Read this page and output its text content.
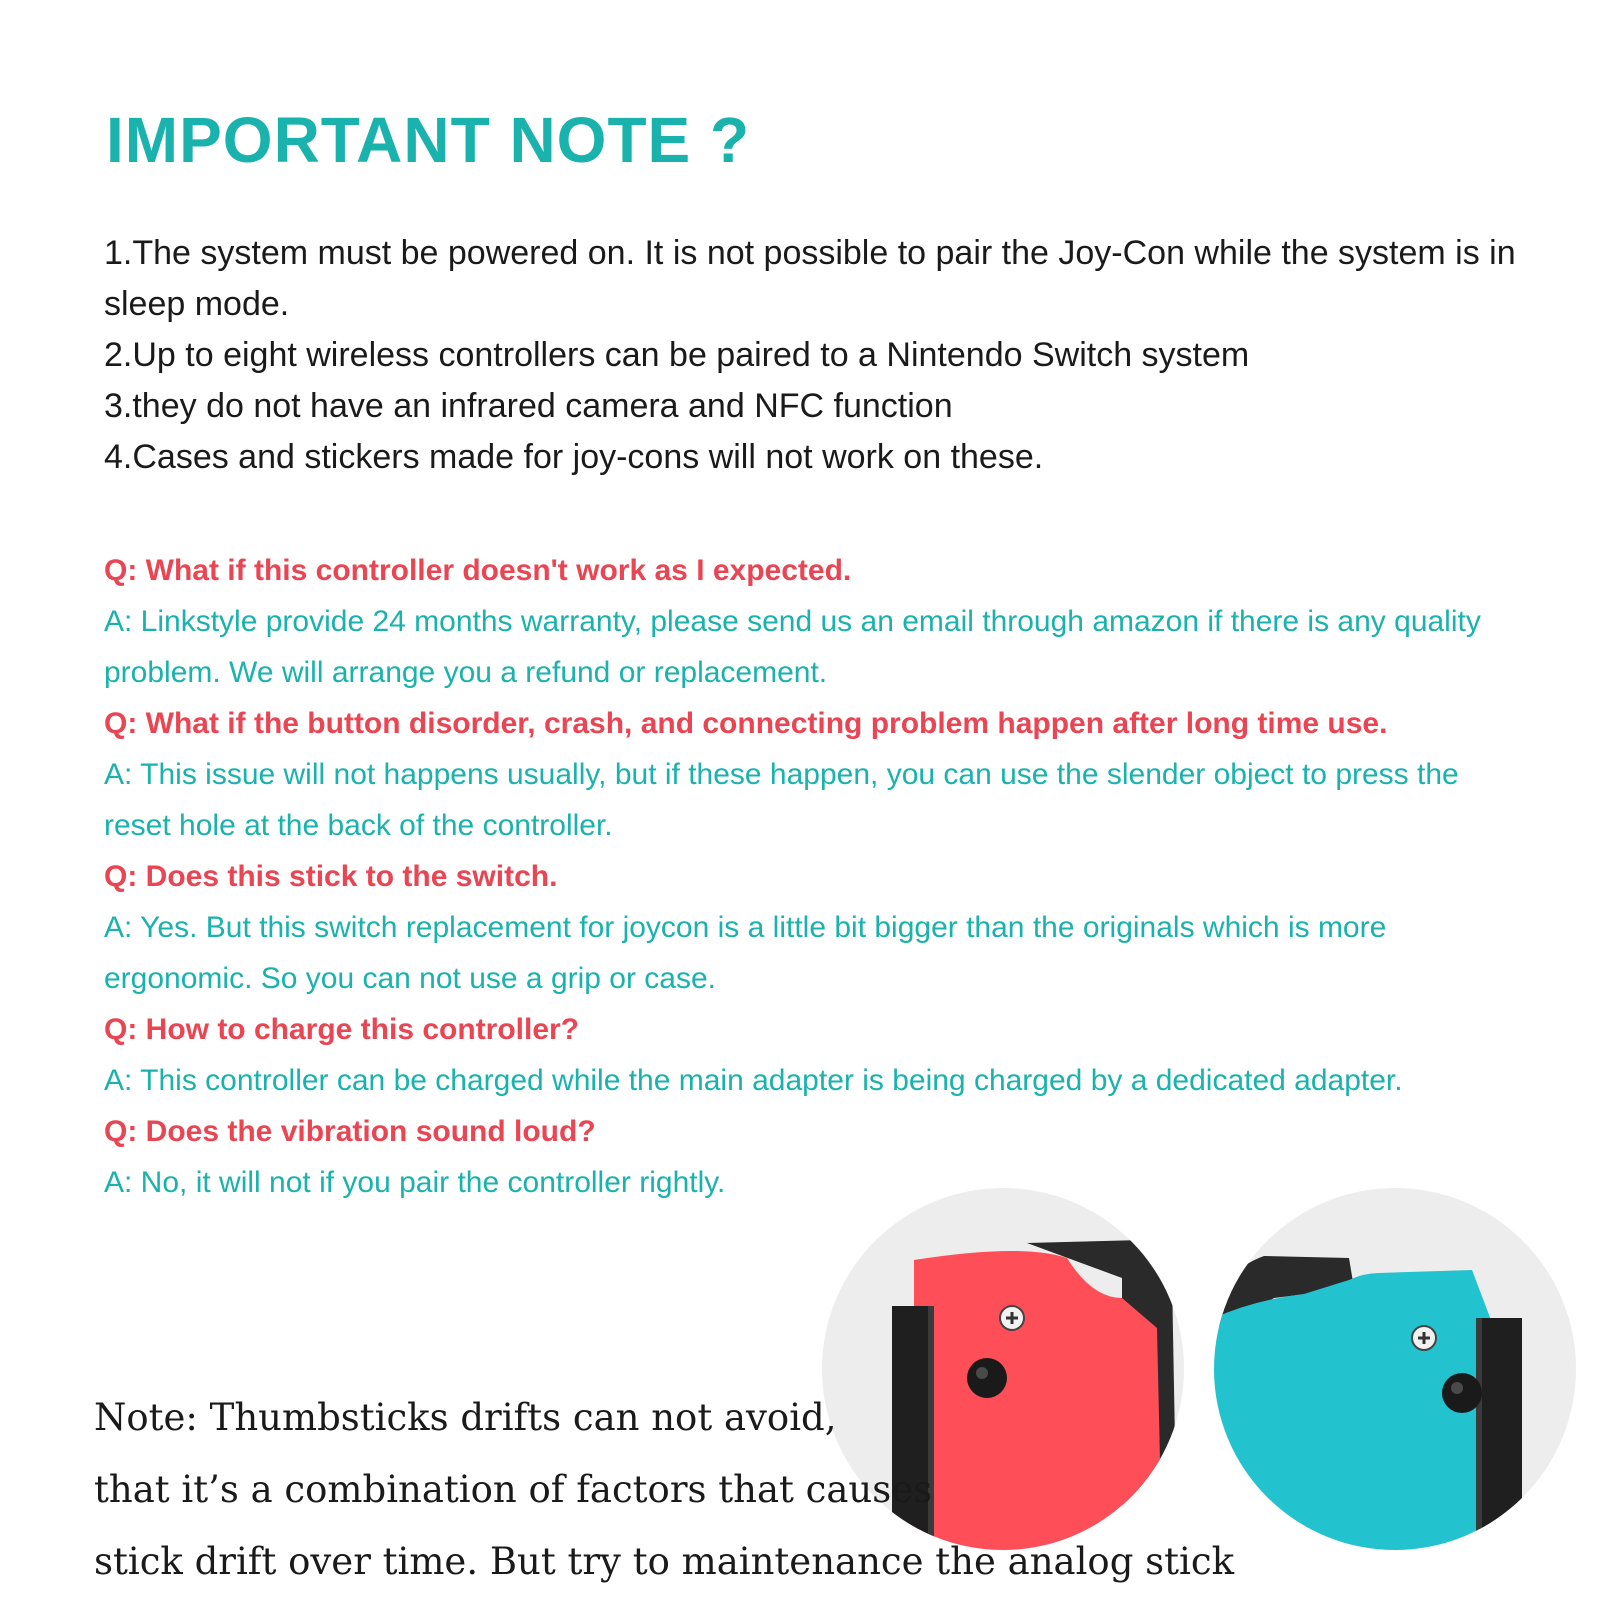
IMPORTANT NOTE ?
1.The system must be powered on. It is not possible to pair the Joy-Con while the system is in sleep mode.
2.Up to eight wireless controllers can be paired to a Nintendo Switch system
3.they do not have an infrared camera and NFC function
4.Cases and stickers made for joy-cons will not work on these.

Q: What if this controller doesn't work as I expected.

A: Linkstyle provide 24 months warranty, please send us an email through amazon if there is any quality problem. We will arrange you a refund or replacement.

Q: What if the button disorder, crash, and connecting problem happen after long time use.

A: This issue will not happens usually, but if these happen, you can use the slender object to press the reset hole at the back of the controller.

Q: Does this stick to the switch.

A: Yes. But this switch replacement for joycon is a little bit bigger than the originals which is more ergonomic. So you can not use a grip or case.

Q: How to charge this controller?

A: This controller can be charged while the main adapter is being charged by a dedicated adapter.

Q: Does the vibration sound loud?

A: No, it will not if you pair the controller rightly.

Note: Thumbsticks drifts can not avoid,
that it’s a combination of factors that causes
stick drift over time. But try to maintenance the analog stick
